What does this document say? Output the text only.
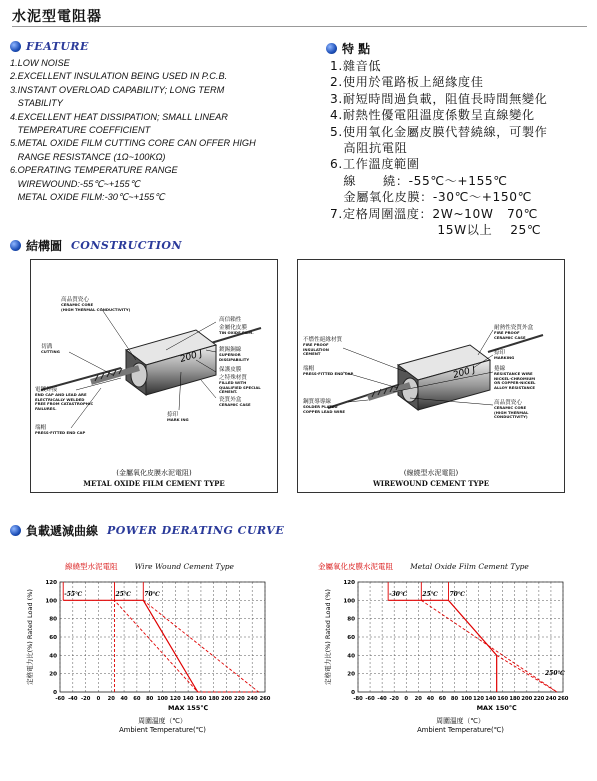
水泥型電阻器
FEATURE
1.LOW NOISE
2.EXCELLENT INSULATION BEING USED IN P.C.B.
3.INSTANT OVERLOAD CAPABILITY; LONG TERM
STABILITY
4.EXCELLENT HEAT DISSIPATION; SMALL LINEAR
TEMPERATURE COEFFICIENT
5.METAL OXIDE FILM CUTTING CORE CAN OFFER HIGH
RANGE RESISTANCE (1Ω~100KΩ)
6.OPERATING TEMPERATURE RANGE
WIREWOUND:-55℃~+155℃
METAL OXIDE FILM:-30℃~+155℃
特 點
1.雜音低
2.使用於電路板上絕緣度佳
3.耐短時間過負載，阻值長時間無變化
4.耐熱性優電阻溫度係數呈直線變化
5.使用氧化金屬皮膜代替繞線，可製作
高阻抗電阻
6.工作溫度範圍
線      繞：-55℃～+155℃
金屬氧化皮膜：-30℃～+150℃
7.定格周圍溫度：2W~10W   70℃
15W以上    25℃
結構圖 CONSTRUCTION
200 J
高品質瓷心
CERAMIC CORE
(HIGH THERMAL CONDUCTIVITY)
切溝
CUTTING
電鍍焊接
END CAP AND LEAD ARE
ELECTRICALLY WELDED
FREE FROM CATASTROPHIC
FAILURES.
端帽
PRESS-FITTED END CAP
高信賴性
金屬化皮膜
TIN OXIDE FILM.
鍍錫銅線
SUPERIOR
DISSIPABILITY
保護皮膜
之特殊材質
FILLED WITH
QUALIFIED SPECIAL
CEMENT.
瓷質外盒
CERAMIC CASE
捺印
MARK ING
(金屬氧化皮膜水泥電阻)
METAL OXIDE FILM CEMENT TYPE
200 J
不燃性絕緣材質
FIRE PROOF
INSULATION
CEMENT
端帽
PRESS-FITTED END CAP
鋼質導導線
SOLDER PLATED
COPPER LEAD WIRE
耐熱性瓷質外盒
FIRE PROOF
CERAMIC CASE
捺印
MARKING
捲線
RESISTANCE WIRE
NICKEL-CHROMIUM
OR COPPER-NICKEL
ALLOY RESISTANCE
高品質瓷心
CERAMIC CORE
(HIGH THERMAL
CONDUCTIVITY)
(線繞型水泥電阻)
WIREWOUND CEMENT TYPE
負載遞減曲線 POWER DERATING CURVE
線繞型水泥電阻 Wire Wound Cement Type	金屬氧化皮膜水泥電阻 Metal Oxide Film Cement Type
0
20
40
60
80
100
120
-60 -40 -20 0 20 40 60 80 100 120 140 160 180 200 220 240 260
-55℃	25℃ 70℃
定格電力比(%) Rated Load (%)
MAX 155℃
周圍溫度（℃）
Ambient Temperature(℃)
0
20
40
60
80
100
120
-80 -60 -40 -20 0 20 40 60 80 100 120 140 160 180 200 220 240 260
-30℃	25℃ 70℃
250℃
定格電力比(%) Rated Load (%)
MAX 150℃
周圍溫度（℃）
Ambient Temperature(℃)
